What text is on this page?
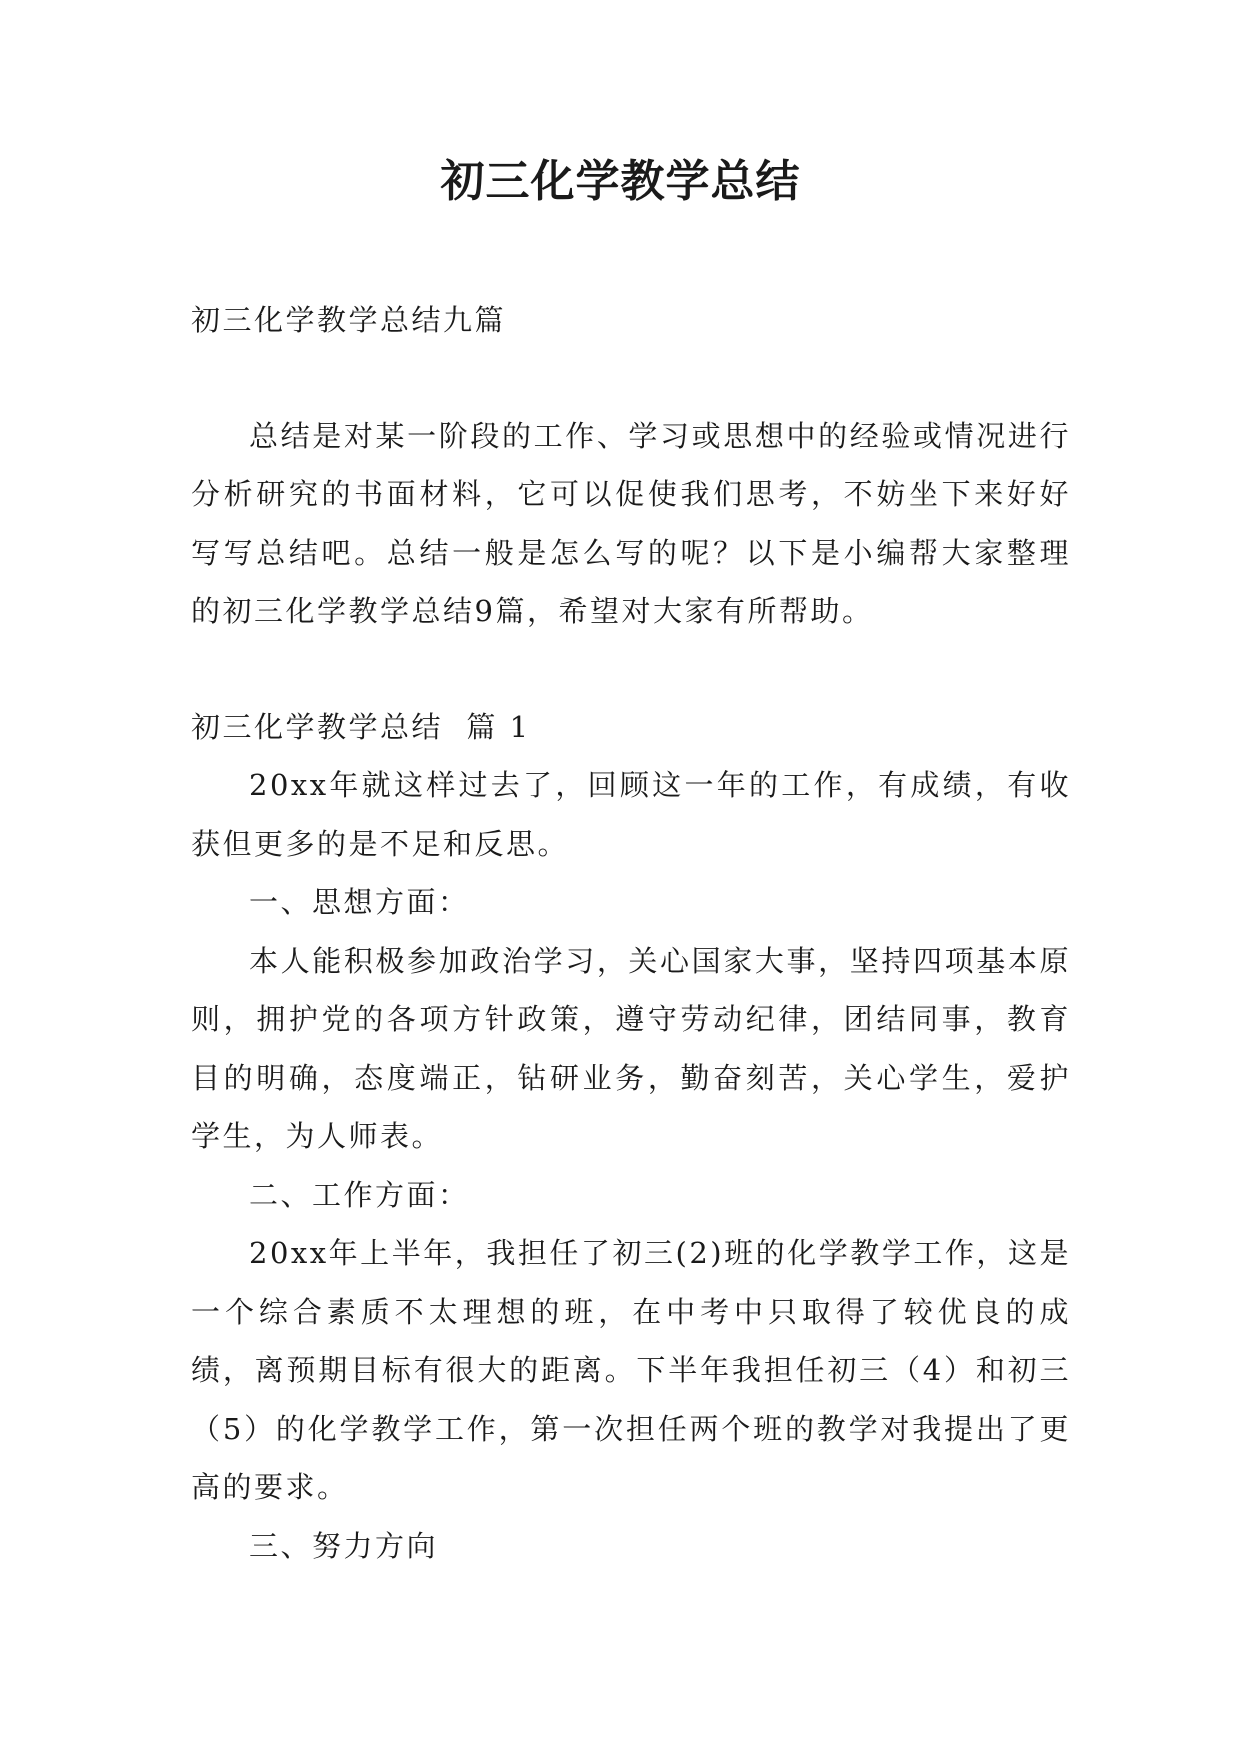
初三化学教学总结

初三化学教学总结九篇

总结是对某一阶段的工作、学习或思想中的经验或情况进行分析研究的书面材料，它可以促使我们思考，不妨坐下来好好写写总结吧。总结一般是怎么写的呢？以下是小编帮大家整理的初三化学教学总结9篇，希望对大家有所帮助。

初三化学教学总结  篇 1

20xx年就这样过去了，回顾这一年的工作，有成绩，有收获但更多的是不足和反思。

一、思想方面：

本人能积极参加政治学习，关心国家大事，坚持四项基本原则，拥护党的各项方针政策，遵守劳动纪律，团结同事，教育目的明确，态度端正，钻研业务，勤奋刻苦，关心学生，爱护学生，为人师表。

二、工作方面：

20xx年上半年，我担任了初三(2)班的化学教学工作，这是一个综合素质不太理想的班，在中考中只取得了较优良的成绩，离预期目标有很大的距离。下半年我担任初三（4）和初三（5）的化学教学工作，第一次担任两个班的教学对我提出了更高的要求。

三、努力方向
